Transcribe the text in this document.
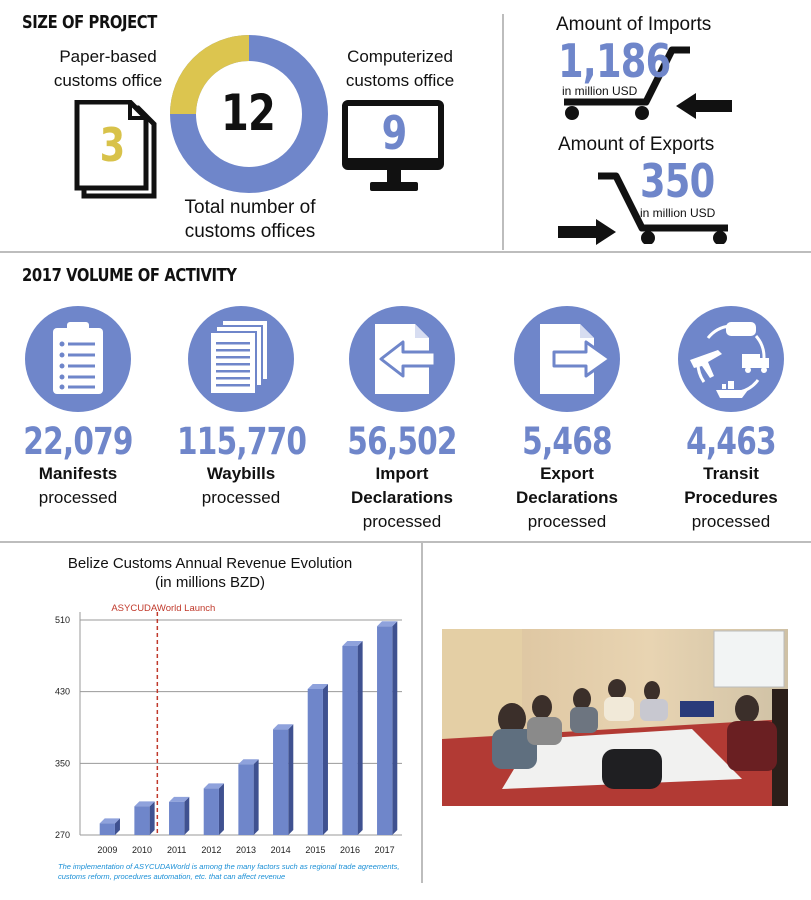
SIZE OF PROJECT
Paper-based
customs office
3
12
Total number of
customs offices
Computerized
customs office
9
Amount of Imports
1,186
in million USD
Amount of Exports
350
in million USD
2017 VOLUME OF ACTIVITY
22,079
Manifests
processed
115,770
Waybills
processed
56,502
Import
Declarations
processed
5,468
Export
Declarations
processed
4,463
Transit
Procedures
processed
Belize Customs Annual Revenue Evolution
(in millions BZD)
270
350
430
510
2009 2010 2011 2012 2013 2014 2015 2016 2017
ASYCUDAWorld Launch
The implementation of ASYCUDAWorld is among the many factors such as regional trade agreements, customs reform, procedures automation, etc. that can affect revenue
